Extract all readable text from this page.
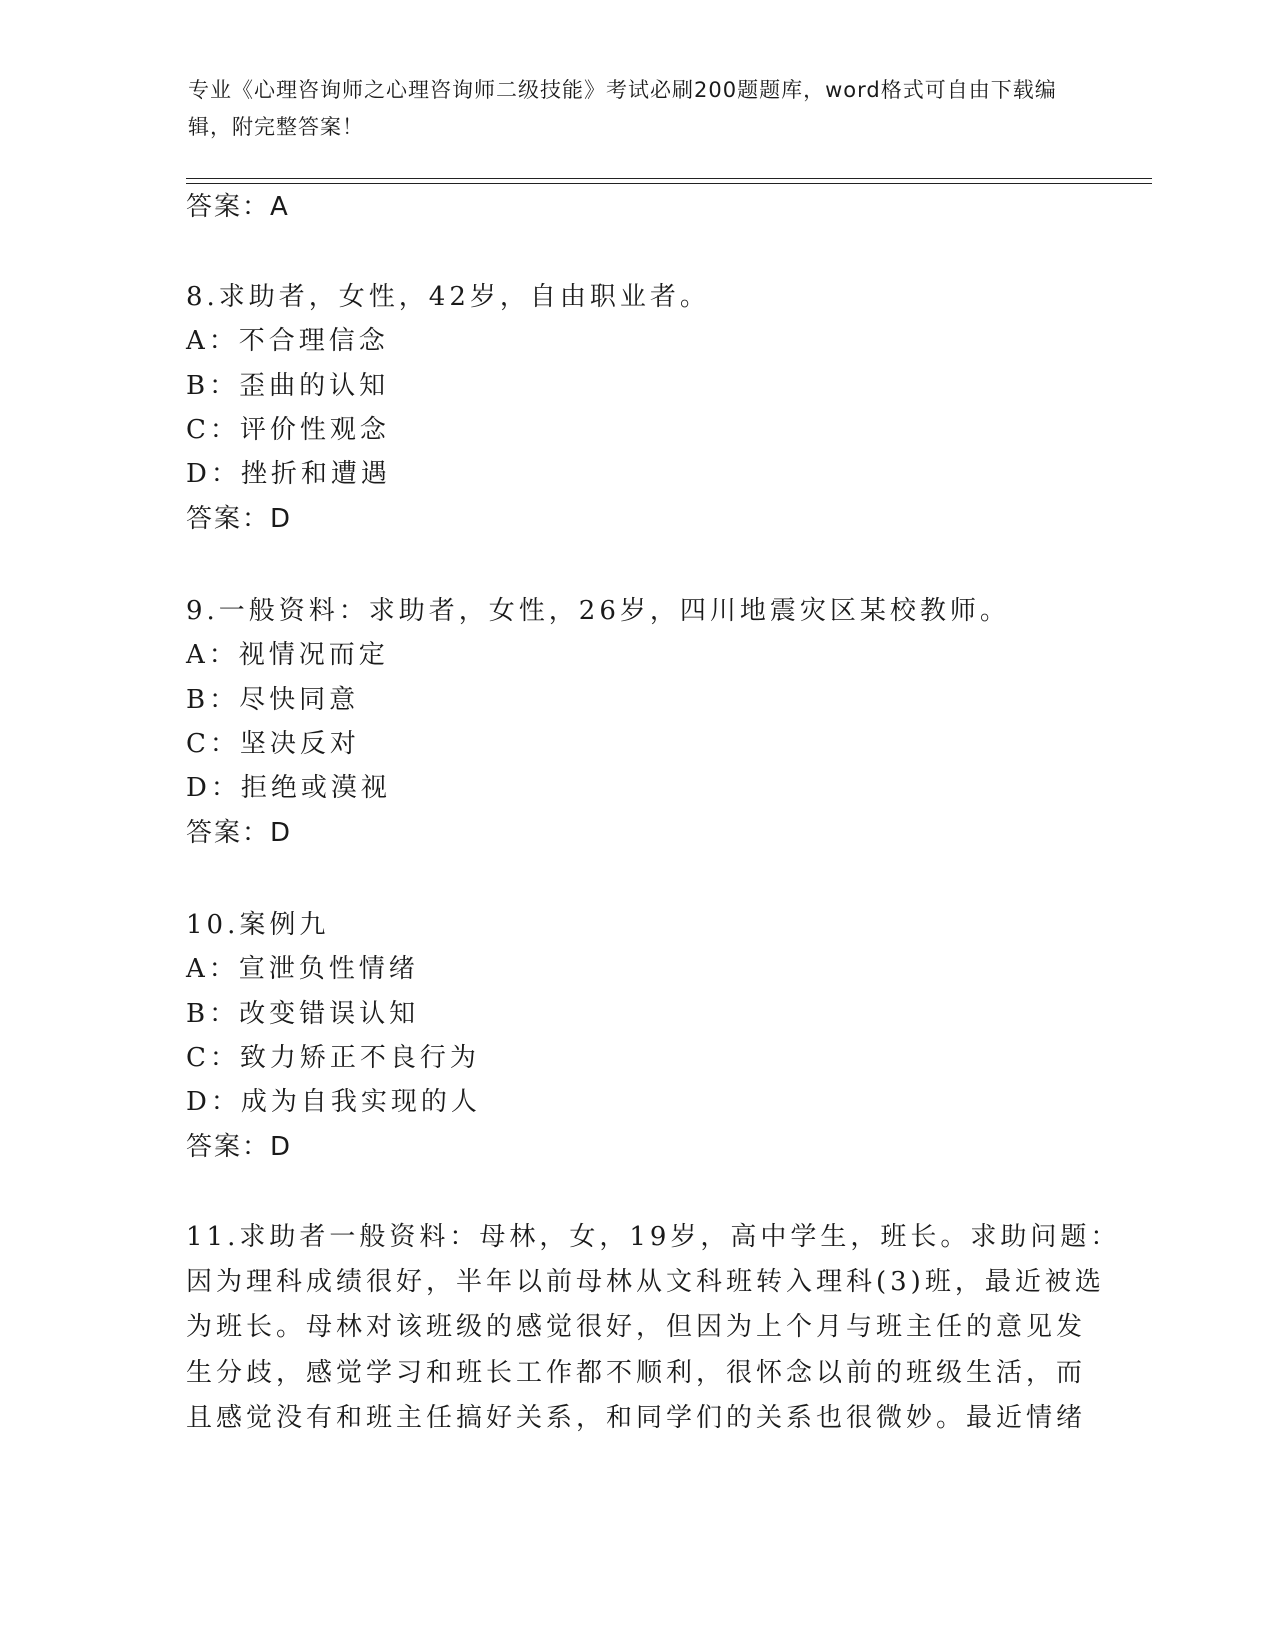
专业《心理咨询师之心理咨询师二级技能》考试必刷200题题库，word格式可自由下载编辑，附完整答案！
答案：A
8.求助者，女性，42岁，自由职业者。
A：不合理信念
B：歪曲的认知
C：评价性观念
D：挫折和遭遇
答案：D
9.一般资料：求助者，女性，26岁，四川地震灾区某校教师。
A：视情况而定
B：尽快同意
C：坚决反对
D：拒绝或漠视
答案：D
10.案例九
A：宣泄负性情绪
B：改变错误认知
C：致力矫正不良行为
D：成为自我实现的人
答案：D
11.求助者一般资料：母林，女，19岁，高中学生，班长。求助问题：
因为理科成绩很好，半年以前母林从文科班转入理科(3)班，最近被选
为班长。母林对该班级的感觉很好，但因为上个月与班主任的意见发
生分歧，感觉学习和班长工作都不顺利，很怀念以前的班级生活，而
且感觉没有和班主任搞好关系，和同学们的关系也很微妙。最近情绪
